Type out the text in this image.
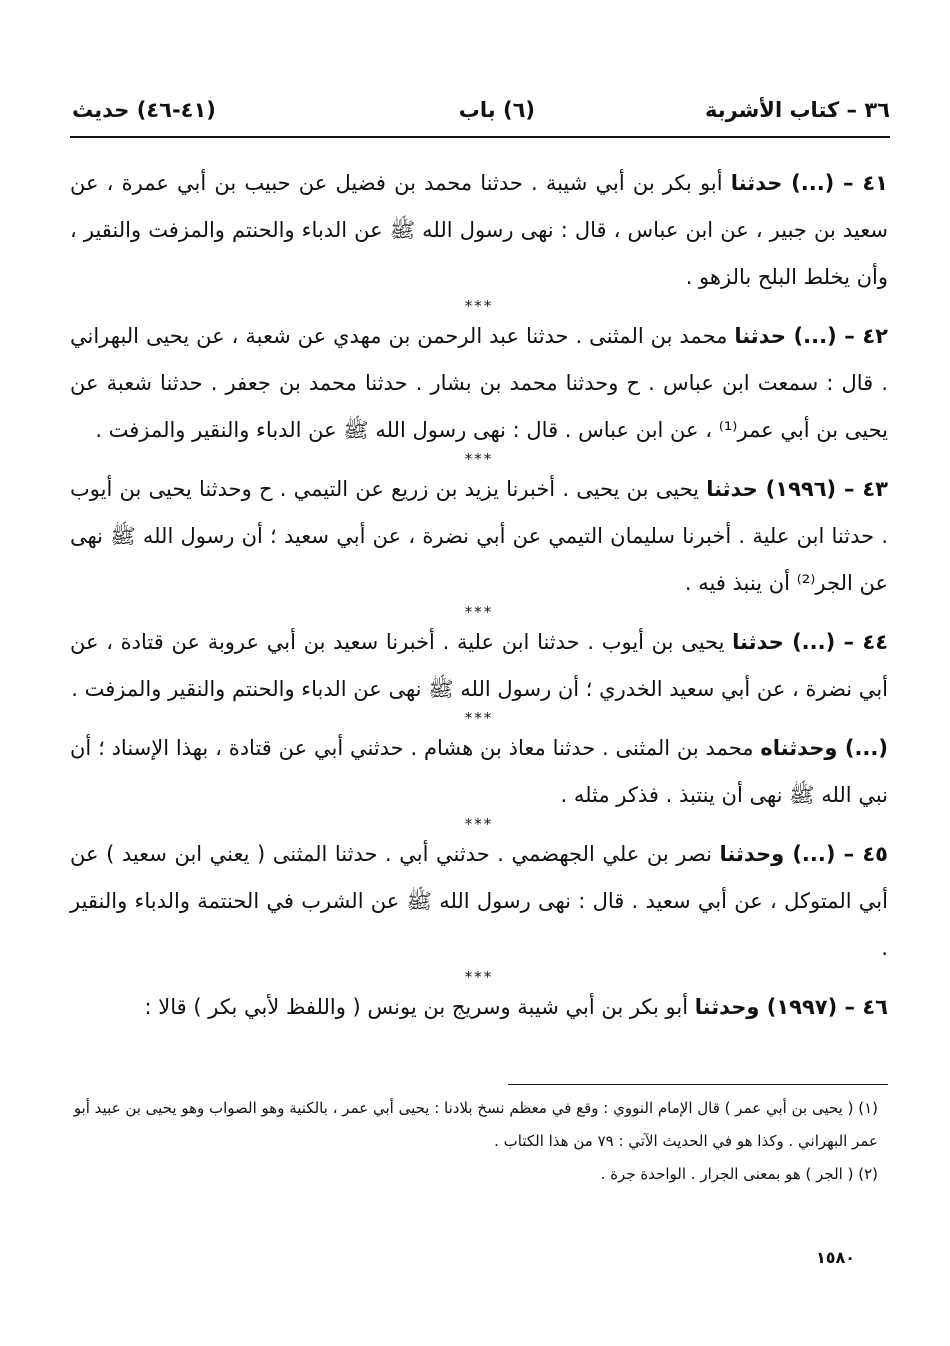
٣٦ – كتاب الأشربة
(٦) باب
(٤١-٤٦) حديث

٤١ – (...) حدثنا أبو بكر بن أبي شيبة . حدثنا محمد بن فضيل عن حبيب بن أبي عمرة ، عن سعيد بن جبير ، عن ابن عباس ، قال : نهى رسول الله ﷺ عن الدباء والحنتم والمزفت والنقير ، وأن يخلط البلح بالزهو .

***

٤٢ – (...) حدثنا محمد بن المثنى . حدثنا عبد الرحمن بن مهدي عن شعبة ، عن يحيى البهراني . قال : سمعت ابن عباس . ح وحدثنا محمد بن بشار . حدثنا محمد بن جعفر . حدثنا شعبة عن يحيى بن أبي عمر⁽¹⁾ ، عن ابن عباس . قال : نهى رسول الله ﷺ عن الدباء والنقير والمزفت .

***

٤٣ – (١٩٩٦) حدثنا يحيى بن يحيى . أخبرنا يزيد بن زريع عن التيمي . ح وحدثنا يحيى بن أيوب . حدثنا ابن علية . أخبرنا سليمان التيمي عن أبي نضرة ، عن أبي سعيد ؛ أن رسول الله ﷺ نهى عن الجر⁽²⁾ أن ينبذ فيه .

***

٤٤ – (...) حدثنا يحيى بن أيوب . حدثنا ابن علية . أخبرنا سعيد بن أبي عروبة عن قتادة ، عن أبي نضرة ، عن أبي سعيد الخدري ؛ أن رسول الله ﷺ نهى عن الدباء والحنتم والنقير والمزفت .

***

(...) وحدثناه محمد بن المثنى . حدثنا معاذ بن هشام . حدثني أبي عن قتادة ، بهذا الإسناد ؛ أن نبي الله ﷺ نهى أن ينتبذ . فذكر مثله .

***

٤٥ – (...) وحدثنا نصر بن علي الجهضمي . حدثني أبي . حدثنا المثنى ( يعني ابن سعيد ) عن أبي المتوكل ، عن أبي سعيد . قال : نهى رسول الله ﷺ عن الشرب في الحنتمة والدباء والنقير .

***

٤٦ – (١٩٩٧) وحدثنا أبو بكر بن أبي شيبة وسريج بن يونس ( واللفظ لأبي بكر ) قالا :

(١) ( يحيى بن أبي عمر ) قال الإمام النووي : وقع في معظم نسخ بلادنا : يحيى أبي عمر ، بالكنية وهو الصواب وهو يحيى بن عبيد أبو عمر البهراني . وكذا هو في الحديث الآتي : ٧٩ من هذا الكتاب .

(٢) ( الجر ) هو بمعنى الجرار . الواحدة جرة .

١٥٨٠
